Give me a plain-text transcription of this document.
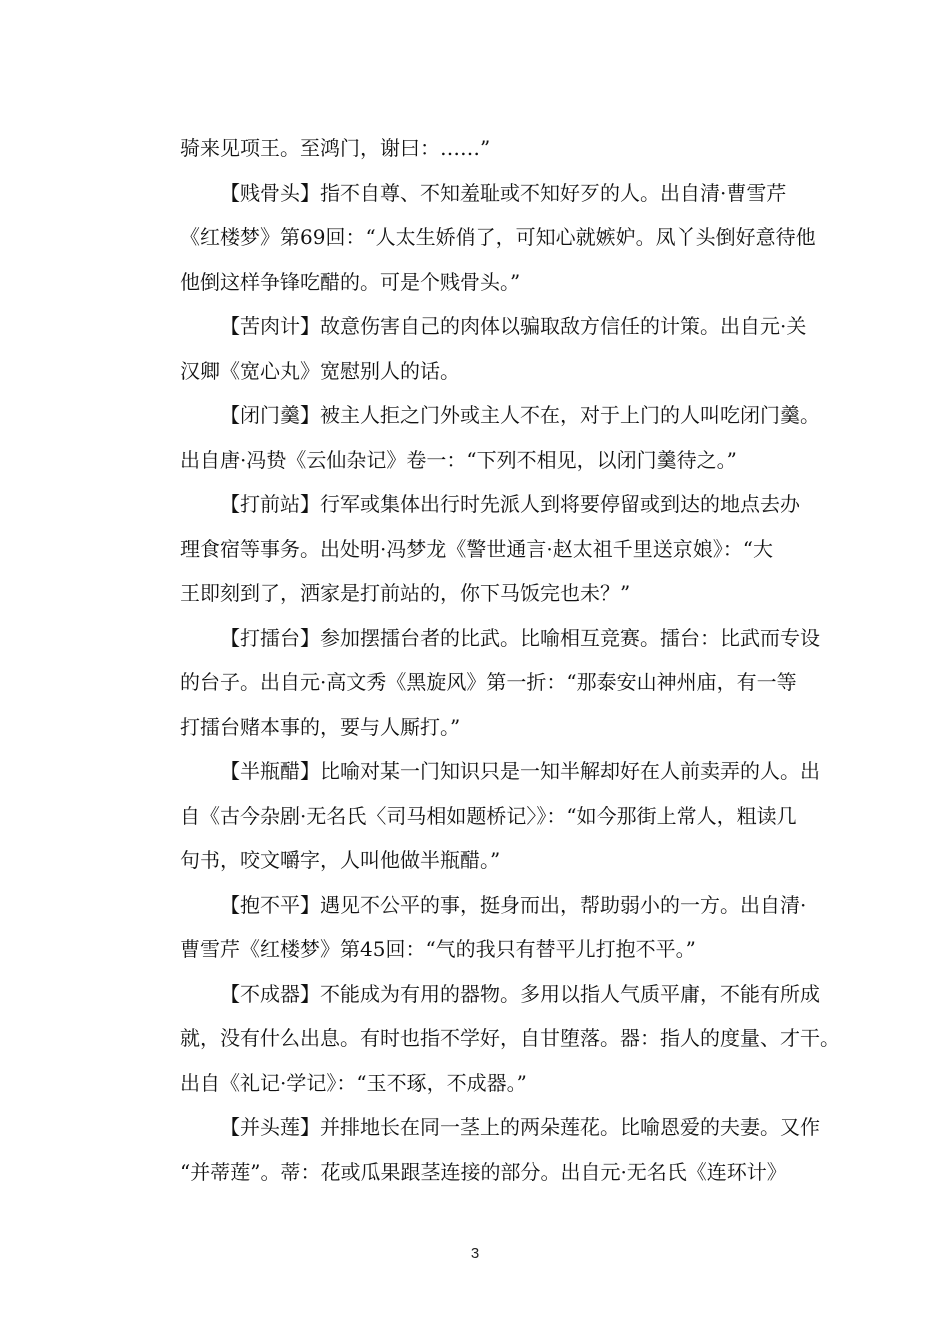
骑来见项王。至鸿门，谢曰：……”
【贱骨头】指不自尊、不知羞耻或不知好歹的人。出自清·曹雪芹
《红楼梦》第69回：“人太生娇俏了，可知心就嫉妒。凤丫头倒好意待他
他倒这样争锋吃醋的。可是个贱骨头。”
【苦肉计】故意伤害自己的肉体以骗取敌方信任的计策。出自元·关
汉卿《宽心丸》宽慰别人的话。
【闭门羹】被主人拒之门外或主人不在，对于上门的人叫吃闭门羹。
出自唐·冯贽《云仙杂记》卷一：“下列不相见，以闭门羹待之。”
【打前站】行军或集体出行时先派人到将要停留或到达的地点去办
理食宿等事务。出处明·冯梦龙《警世通言·赵太祖千里送京娘》：“大
王即刻到了，洒家是打前站的，你下马饭完也未？”
【打擂台】参加摆擂台者的比武。比喻相互竞赛。擂台：比武而专设
的台子。出自元·高文秀《黑旋风》第一折：“那泰安山神州庙，有一等
打擂台赌本事的，要与人厮打。”
【半瓶醋】比喻对某一门知识只是一知半解却好在人前卖弄的人。出
自《古今杂剧·无名氏〈司马相如题桥记〉》：“如今那街上常人，粗读几
句书，咬文嚼字，人叫他做半瓶醋。”
【抱不平】遇见不公平的事，挺身而出，帮助弱小的一方。出自清·
曹雪芹《红楼梦》第45回：“气的我只有替平儿打抱不平。”
【不成器】不能成为有用的器物。多用以指人气质平庸，不能有所成
就，没有什么出息。有时也指不学好，自甘堕落。器：指人的度量、才干。
出自《礼记·学记》：“玉不琢，不成器。”
【并头莲】并排地长在同一茎上的两朵莲花。比喻恩爱的夫妻。又作
“并蒂莲”。蒂：花或瓜果跟茎连接的部分。出自元·无名氏《连环计》
3
